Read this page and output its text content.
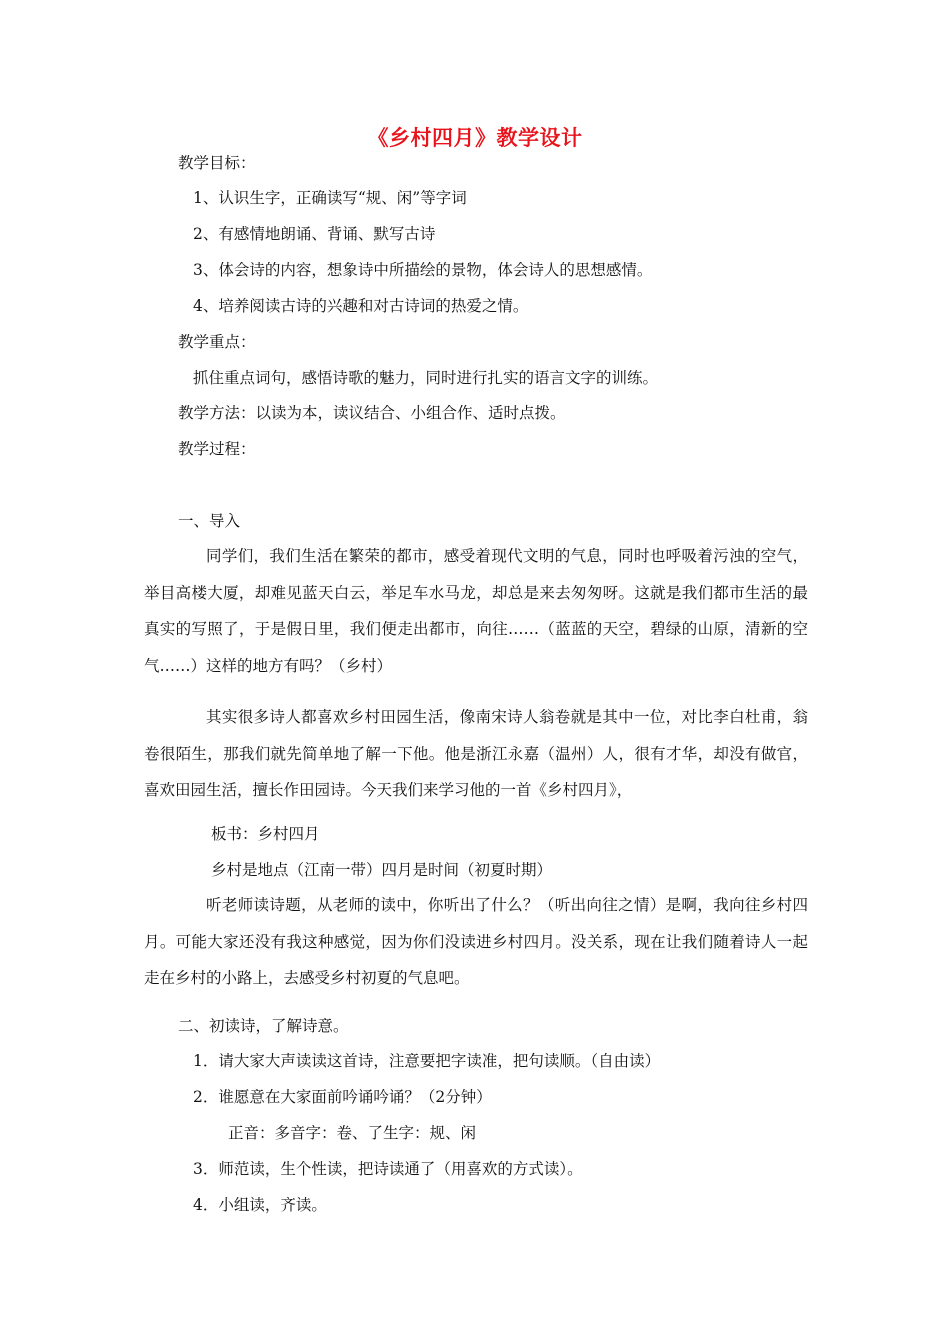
《乡村四月》教学设计
教学目标：
1、认识生字，正确读写“规、闲”等字词
2、有感情地朗诵、背诵、默写古诗
3、体会诗的内容，想象诗中所描绘的景物，体会诗人的思想感情。
4、培养阅读古诗的兴趣和对古诗词的热爱之情。
教学重点：
抓住重点词句，感悟诗歌的魅力，同时进行扎实的语言文字的训练。
教学方法：以读为本，读议结合、小组合作、适时点拨。
教学过程：
一、导入

同学们，我们生活在繁荣的都市，感受着现代文明的气息，同时也呼吸着污浊的空气，举目高楼大厦，却难见蓝天白云，举足车水马龙，却总是来去匆匆呀。这就是我们都市生活的最真实的写照了，于是假日里，我们便走出都市，向往……（蓝蓝的天空，碧绿的山原，清新的空气……）这样的地方有吗？（乡村）

其实很多诗人都喜欢乡村田园生活，像南宋诗人翁卷就是其中一位，对比李白杜甫，翁卷很陌生，那我们就先简单地了解一下他。他是浙江永嘉（温州）人，很有才华，却没有做官，喜欢田园生活，擅长作田园诗。今天我们来学习他的一首《乡村四月》，

板书：乡村四月
乡村是地点（江南一带）四月是时间（初夏时期）

听老师读诗题，从老师的读中，你听出了什么？（听出向往之情）是啊，我向往乡村四月。可能大家还没有我这种感觉，因为你们没读进乡村四月。没关系，现在让我们随着诗人一起走在乡村的小路上，去感受乡村初夏的气息吧。

二、初读诗，了解诗意。
1．请大家大声读读这首诗，注意要把字读准，把句读顺。（自由读）
2．谁愿意在大家面前吟诵吟诵？（2分钟）
正音：多音字：卷、了生字：规、闲
3．师范读，生个性读，把诗读通了（用喜欢的方式读）。
4．小组读，齐读。
